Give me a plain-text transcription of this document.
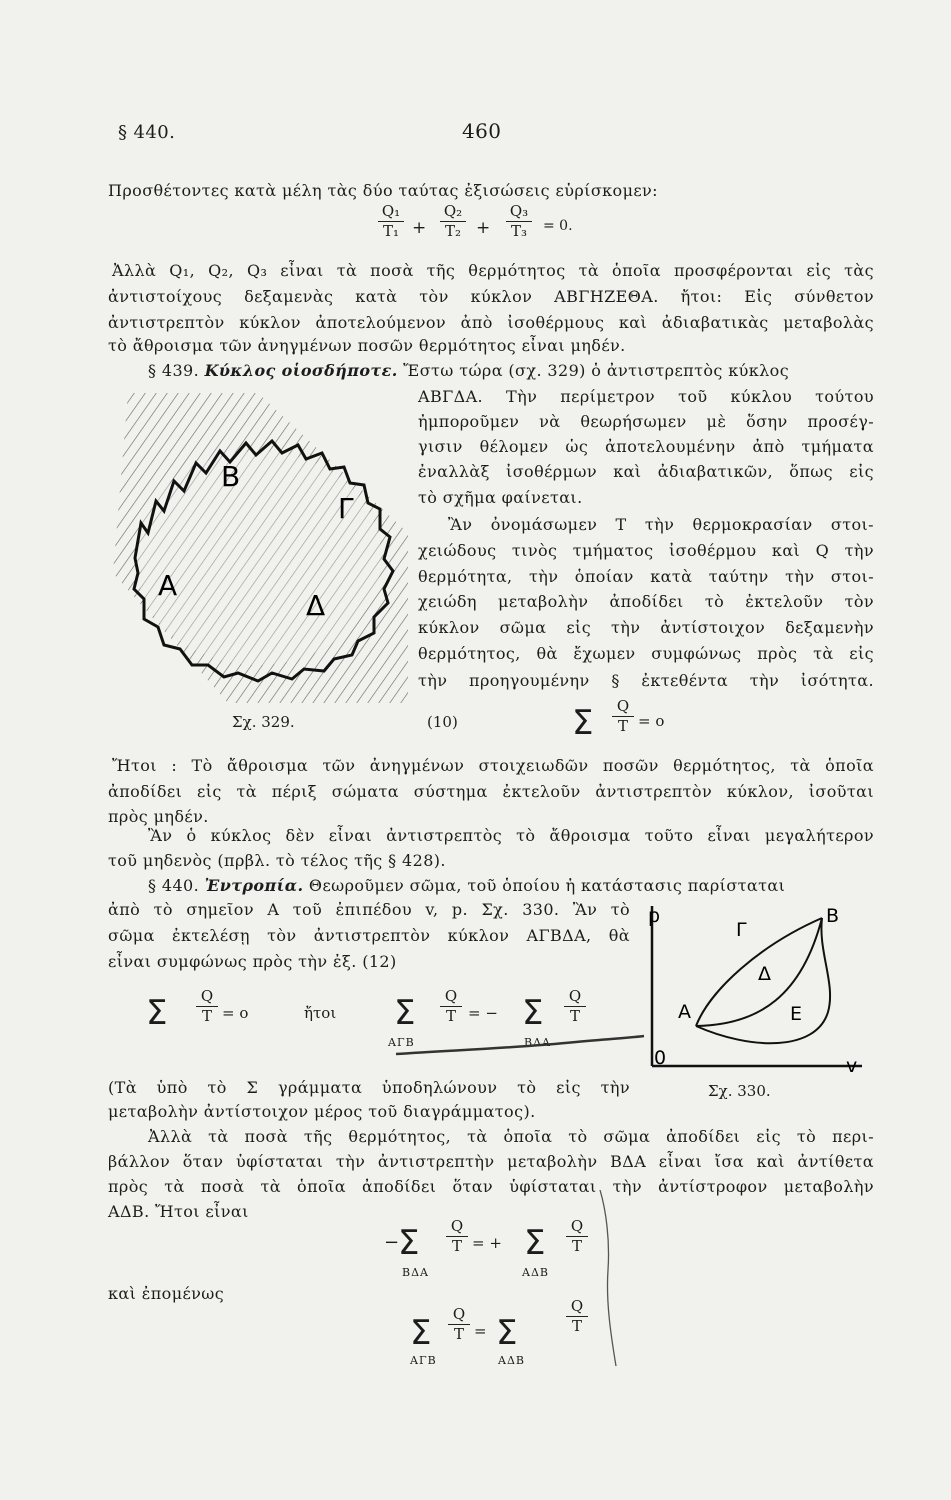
§ 440.	460
Προσθέτοντες κατὰ μέλη τὰς δύο ταύτας ἐξισώσεις εὑρίσκομεν:
Q₁
T₁ +
Q₂
T₂ +
Q₃
T₃	= 0.
Ἀλλὰ Q₁, Q₂, Q₃ εἶναι τὰ ποσὰ τῆς θερμότητος τὰ ὁποῖα προσφέρονται εἰς τὰς
ἀντιστοίχους δεξαμενὰς κατὰ τὸν κύκλον ΑΒΓΗΖΕΘΑ. ἤτοι: Εἰς σύνθετον
ἀντιστρεπτὸν κύκλον ἀποτελούμενον ἀπὸ ἰσοθέρμους καὶ ἀδιαβατικὰς μεταβολὰς
τὸ ἄθροισμα τῶν ἀνηγμένων ποσῶν θερμότητος εἶναι μηδέν.
§ 439. Κύκλος οἱοσδήποτε. Ἔστω τώρα (σχ. 329) ὁ ἀντιστρεπτὸς κύκλος
ΑΒΓΔΑ. Τὴν περίμετρον τοῦ κύκλου τούτου
ἠμποροῦμεν νὰ θεωρήσωμεν μὲ ὅσην προσέγ-
γισιν θέλομεν ὡς ἀποτελουμένην ἀπὸ τμήματα
ἐναλλὰξ ἰσοθέρμων καὶ ἀδιαβατικῶν, ὅπως εἰς
τὸ σχῆμα φαίνεται.
Ἂν ὀνομάσωμεν T τὴν θερμοκρασίαν στοι-
χειώδους τινὸς τμήματος ἰσοθέρμου καὶ Q τὴν
θερμότητα, τὴν ὁποίαν κατὰ ταύτην τὴν στοι-
χειώδη μεταβολὴν ἀποδίδει τὸ ἐκτελοῦν τὸν
κύκλον σῶμα εἰς τὴν ἀντίστοιχον δεξαμενὴν
θερμότητος, θὰ ἔχωμεν συμφώνως πρὸς τὰ εἰς
τὴν προηγουμένην § ἐκτεθέντα τὴν ἰσότητα.
Α
Β
Γ
Δ
Σχ. 329.	(10)	Σ	Q
T = o
Ἤτοι : Τὸ ἄθροισμα τῶν ἀνηγμένων στοιχειωδῶν ποσῶν θερμότητος, τὰ ὁποῖα
ἀποδίδει εἰς τὰ πέριξ σώματα σύστημα ἐκτελοῦν ἀντιστρεπτὸν κύκλον, ἰσοῦται
πρὸς μηδέν.
Ἂν ὁ κύκλος δὲν εἶναι ἀντιστρεπτὸς τὸ ἄθροισμα τοῦτο εἶναι μεγαλήτερον
τοῦ μηδενὸς (πρβλ. τὸ τέλος τῆς § 428).
§ 440. Ἐντροπία. Θεωροῦμεν σῶμα, τοῦ ὁποίου ἡ κατάστασις παρίσταται
ἀπὸ τὸ σημεῖον Α τοῦ ἐπιπέδου v, p. Σχ. 330. Ἂν τὸ
σῶμα ἐκτελέσῃ τὸν ἀντιστρεπτὸν κύκλον ΑΓΒΔΑ, θὰ
εἶναι συμφώνως πρὸς τὴν ἐξ. (12)
Σ	Q
T = o	ἤτοι Σ	Q
T = − Σ	Q
T
ΑΓΒ	ΒΔΑ
p
v
0
A
B
Γ
Δ
E
Σχ. 330.
(Τὰ ὑπὸ τὸ Σ γράμματα ὑποδηλώνουν τὸ εἰς τὴν
μεταβολὴν ἀντίστοιχον μέρος τοῦ διαγράμματος).
Ἀλλὰ τὰ ποσὰ τῆς θερμότητος, τὰ ὁποῖα τὸ σῶμα ἀποδίδει εἰς τὸ περι-
βάλλον ὅταν ὑφίσταται τὴν ἀντιστρεπτὴν μεταβολὴν ΒΔΑ εἶναι ἴσα καὶ ἀντίθετα
πρὸς τὰ ποσὰ τὰ ὁποῖα ἀποδίδει ὅταν ὑφίσταται τὴν ἀντίστροφον μεταβολὴν
ΑΔΒ. Ἤτοι εἶναι
−
Σ	Q
T = + Σ	Q
T
ΒΔΑ	ΑΔΒ
καὶ ἐπομένως
Σ	Q
T = Σ
Q
T
ΑΓΒ	ΑΔΒ
